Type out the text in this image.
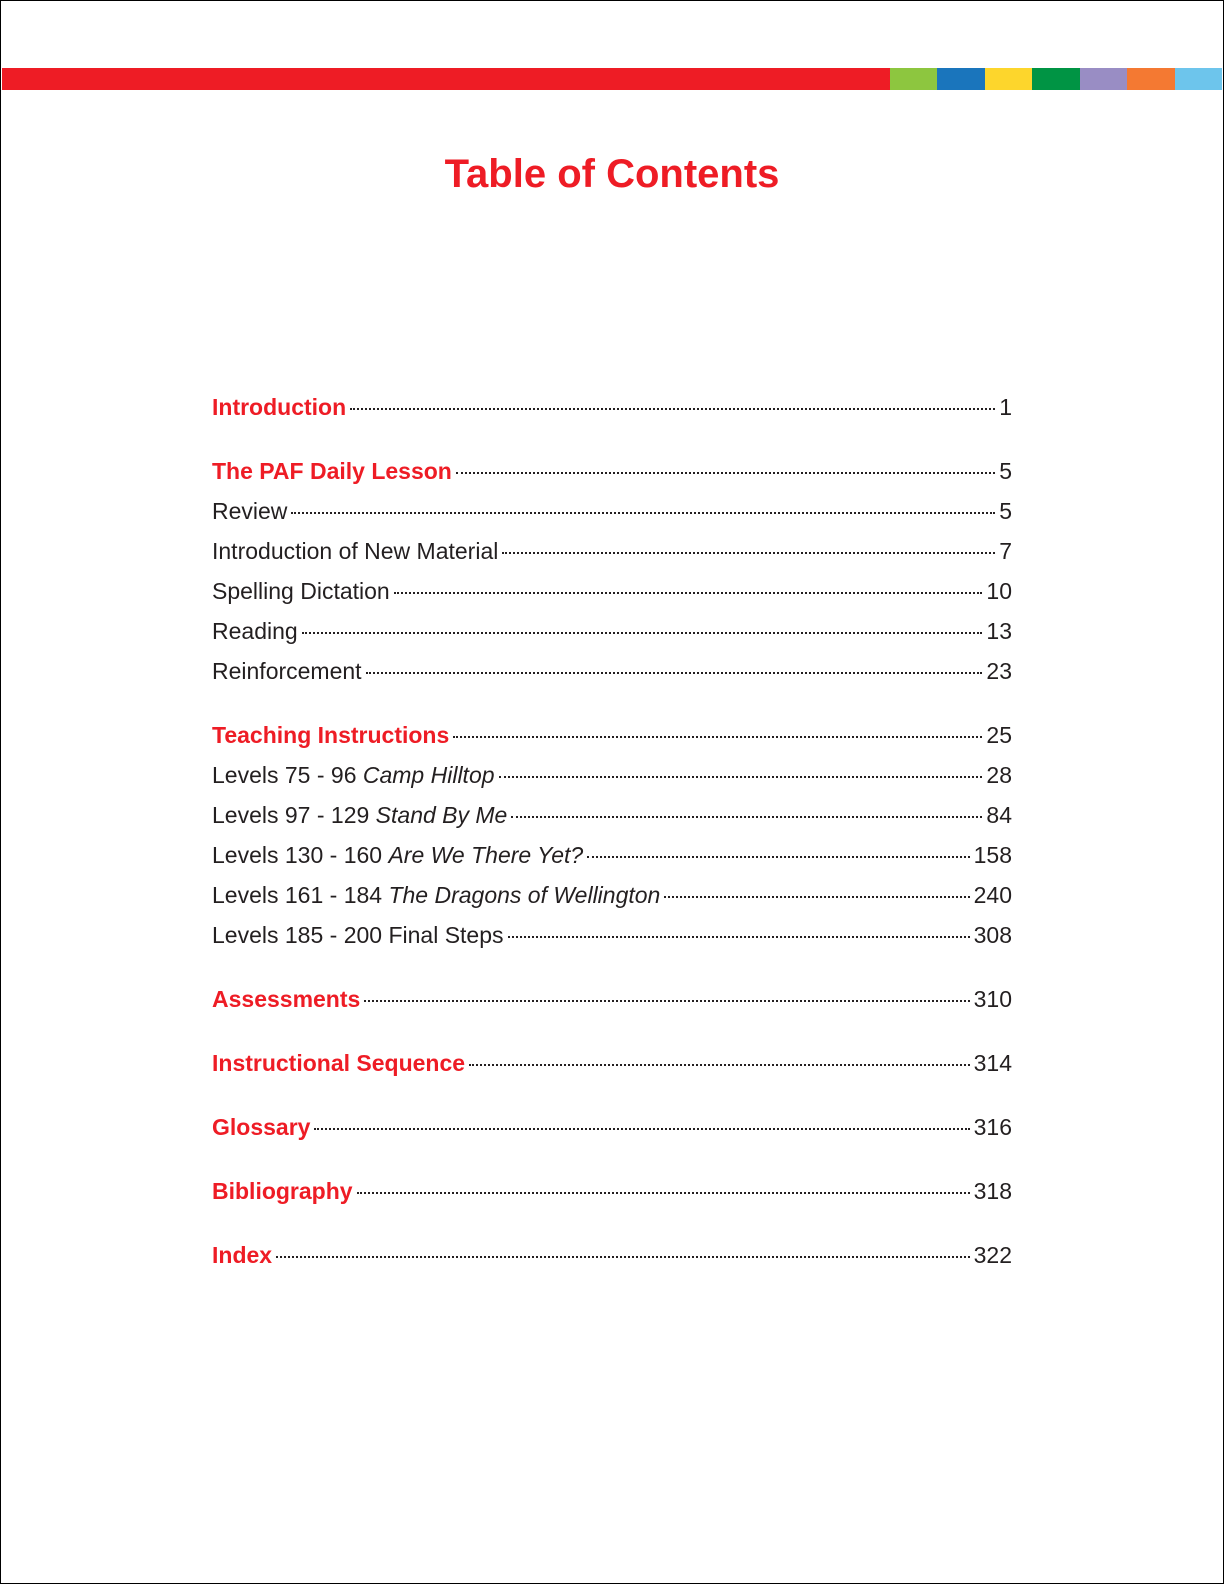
Table of Contents
Introduction	1
The PAF Daily Lesson	5
Review	5
Introduction of New Material	7
Spelling Dictation	10
Reading	13
Reinforcement	23
Teaching Instructions	25
Levels 75 - 96 Camp Hilltop	28
Levels 97 - 129 Stand By Me	84
Levels 130 - 160 Are We There Yet?	158
Levels 161 - 184 The Dragons of Wellington	240
Levels 185 - 200 Final Steps	308
Assessments	310
Instructional Sequence	314
Glossary	316
Bibliography	318
Index	322
